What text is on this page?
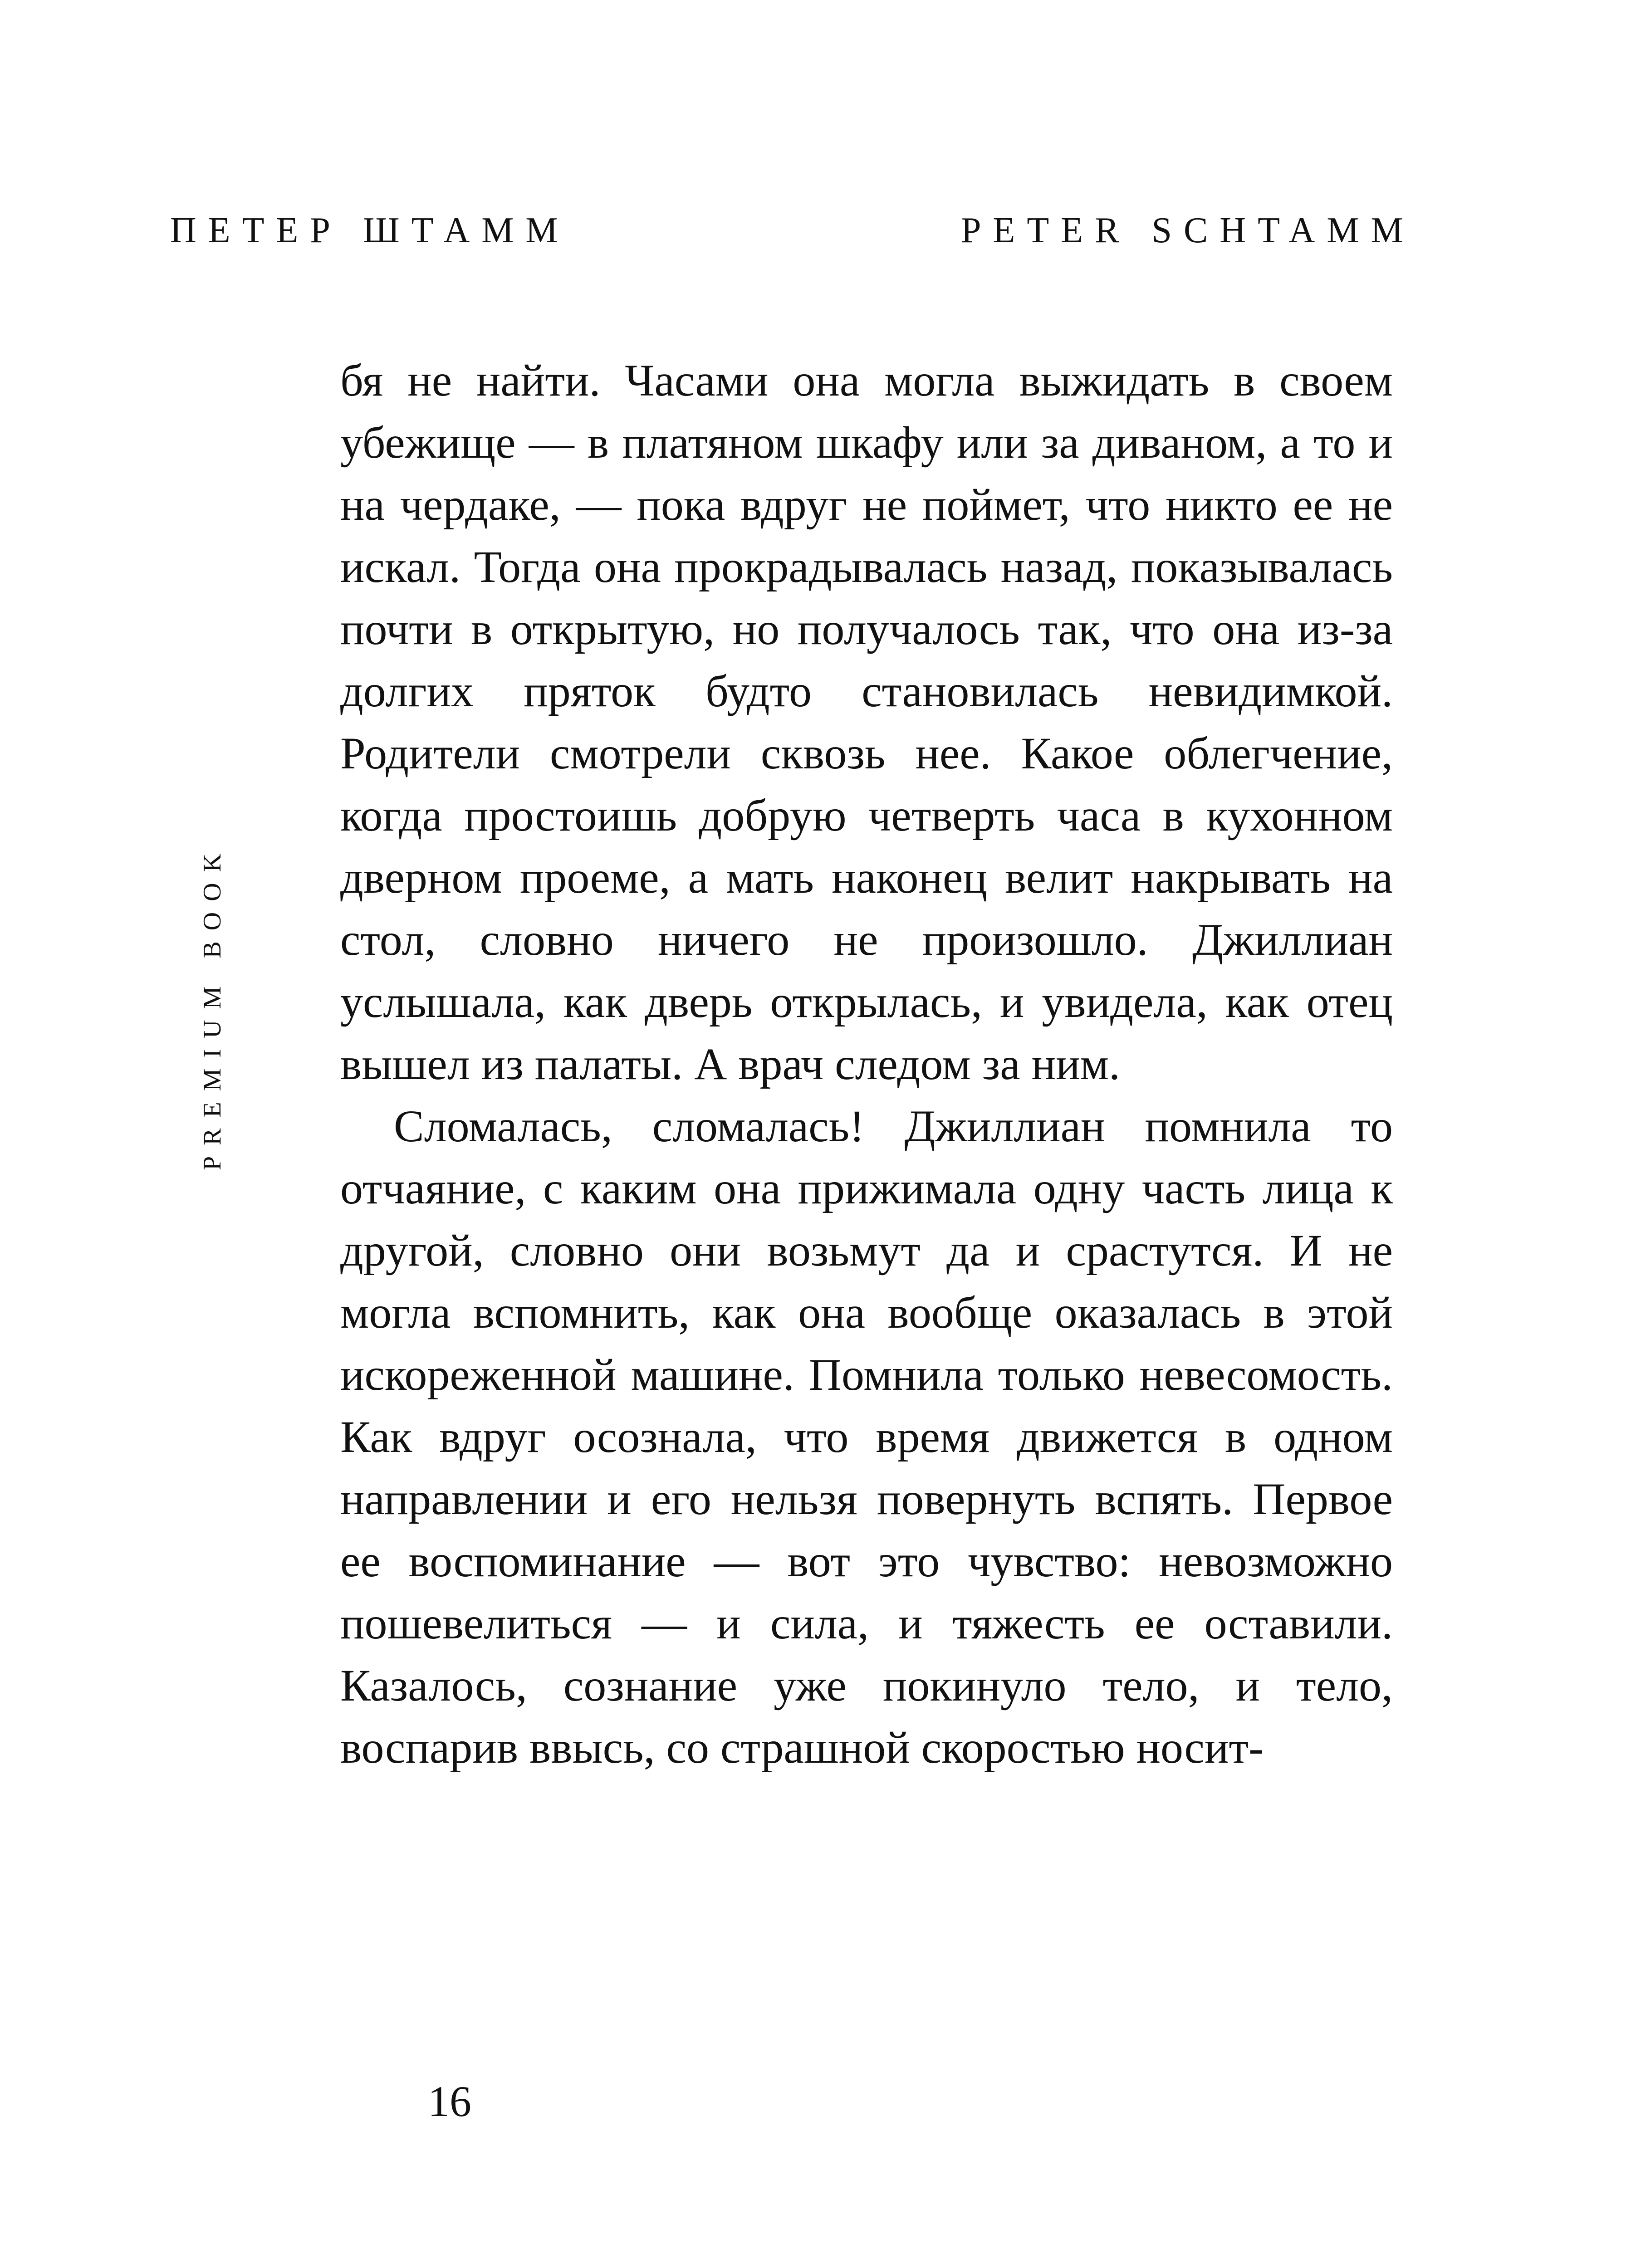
ПЕТЕР ШТАММ	PETER SCHTAMM
PREMIUM BOOK

бя не найти. Часами она могла выжидать в своем убежище — в платяном шкафу или за диваном, а то и на чердаке, — пока вдруг не поймет, что никто ее не искал. Тогда она прокрадывалась назад, показывалась почти в открытую, но получалось так, что она из-за долгих пряток будто становилась невидимкой. Родители смотрели сквозь нее. Какое облегчение, когда простоишь добрую четверть часа в кухонном дверном проеме, а мать наконец велит накрывать на стол, словно ничего не произошло. Джиллиан услышала, как дверь открылась, и увидела, как отец вышел из палаты. А врач следом за ним.

Сломалась, сломалась! Джиллиан помнила то отчаяние, с каким она прижимала одну часть лица к другой, словно они возьмут да и срастутся. И не могла вспомнить, как она вообще оказалась в этой искореженной машине. Помнила только невесомость. Как вдруг осознала, что время движется в одном направлении и его нельзя повернуть вспять. Первое ее воспоминание — вот это чувство: невозможно пошевелиться — и сила, и тяжесть ее оставили. Казалось, сознание уже покинуло тело, и тело, воспарив ввысь, со страшной скоростью носит-

16
